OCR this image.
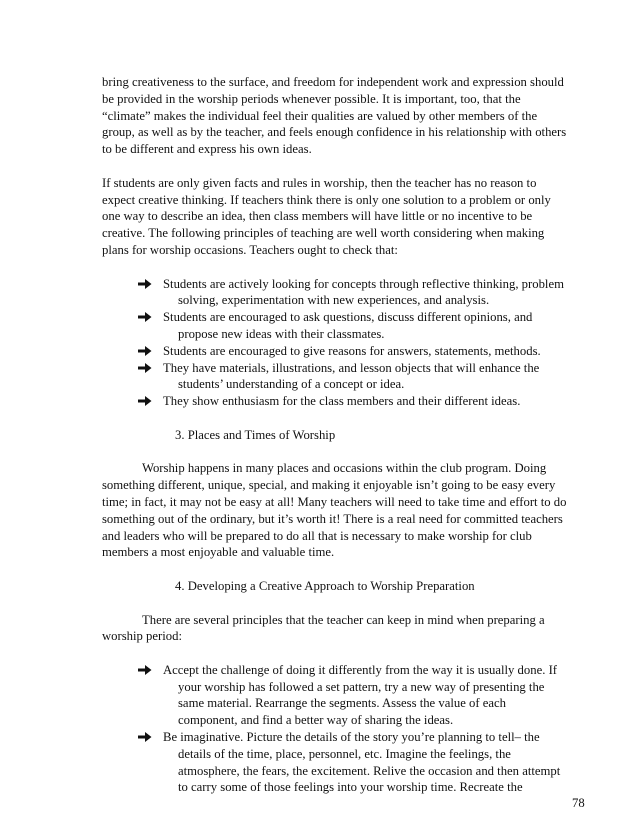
bring creativeness to the surface, and freedom for independent work and expression should
be provided in the worship periods whenever possible. It is important, too, that the
“climate” makes the individual feel their qualities are valued by other members of the
group, as well as by the teacher, and feels enough confidence in his relationship with others
to be different and express his own ideas.
If students are only given facts and rules in worship, then the teacher has no reason to
expect creative thinking. If teachers think there is only one solution to a problem or only
one way to describe an idea, then class members will have little or no incentive to be
creative. The following principles of teaching are well worth considering when making
plans for worship occasions. Teachers ought to check that:
Students are actively looking for concepts through reflective thinking, problem
solving, experimentation with new experiences, and analysis.
Students are encouraged to ask questions, discuss different opinions, and
propose new ideas with their classmates.
Students are encouraged to give reasons for answers, statements, methods.
They have materials, illustrations, and lesson objects that will enhance the
students’ understanding of a concept or idea.
They show enthusiasm for the class members and their different ideas.
3. Places and Times of Worship
Worship happens in many places and occasions within the club program. Doing
something different, unique, special, and making it enjoyable isn’t going to be easy every
time; in fact, it may not be easy at all! Many teachers will need to take time and effort to do
something out of the ordinary, but it’s worth it! There is a real need for committed teachers
and leaders who will be prepared to do all that is necessary to make worship for club
members a most enjoyable and valuable time.
4. Developing a Creative Approach to Worship Preparation
There are several principles that the teacher can keep in mind when preparing a
worship period:
Accept the challenge of doing it differently from the way it is usually done. If
your worship has followed a set pattern, try a new way of presenting the
same material. Rearrange the segments. Assess the value of each
component, and find a better way of sharing the ideas.
Be imaginative. Picture the details of the story you’re planning to tell– the
details of the time, place, personnel, etc. Imagine the feelings, the
atmosphere, the fears, the excitement. Relive the occasion and then attempt
to carry some of those feelings into your worship time. Recreate the
78
